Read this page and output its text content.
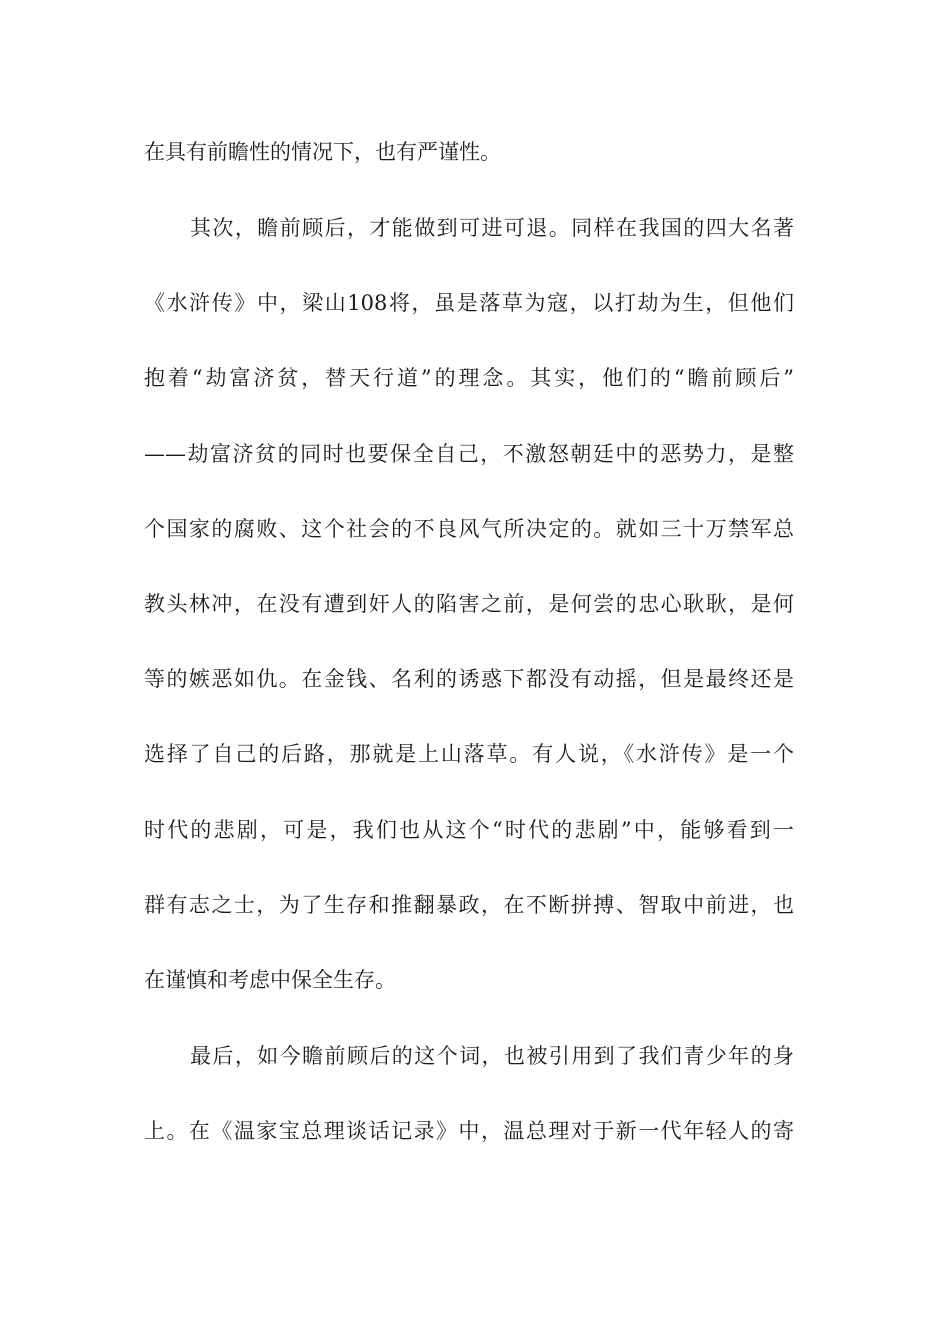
在具有前瞻性的情况下，也有严谨性。
其次，瞻前顾后，才能做到可进可退。同样在我国的四大名著
《水浒传》中，梁山108将，虽是落草为寇，以打劫为生，但他们
抱着“劫富济贫，替天行道”的理念。其实，他们的“瞻前顾后”
——劫富济贫的同时也要保全自己，不激怒朝廷中的恶势力，是整
个国家的腐败、这个社会的不良风气所决定的。就如三十万禁军总
教头林冲，在没有遭到奸人的陷害之前，是何尝的忠心耿耿，是何
等的嫉恶如仇。在金钱、名利的诱惑下都没有动摇，但是最终还是
选择了自己的后路，那就是上山落草。有人说，《水浒传》是一个
时代的悲剧，可是，我们也从这个“时代的悲剧”中，能够看到一
群有志之士，为了生存和推翻暴政，在不断拼搏、智取中前进，也
在谨慎和考虑中保全生存。
最后，如今瞻前顾后的这个词，也被引用到了我们青少年的身
上。在《温家宝总理谈话记录》中，温总理对于新一代年轻人的寄
